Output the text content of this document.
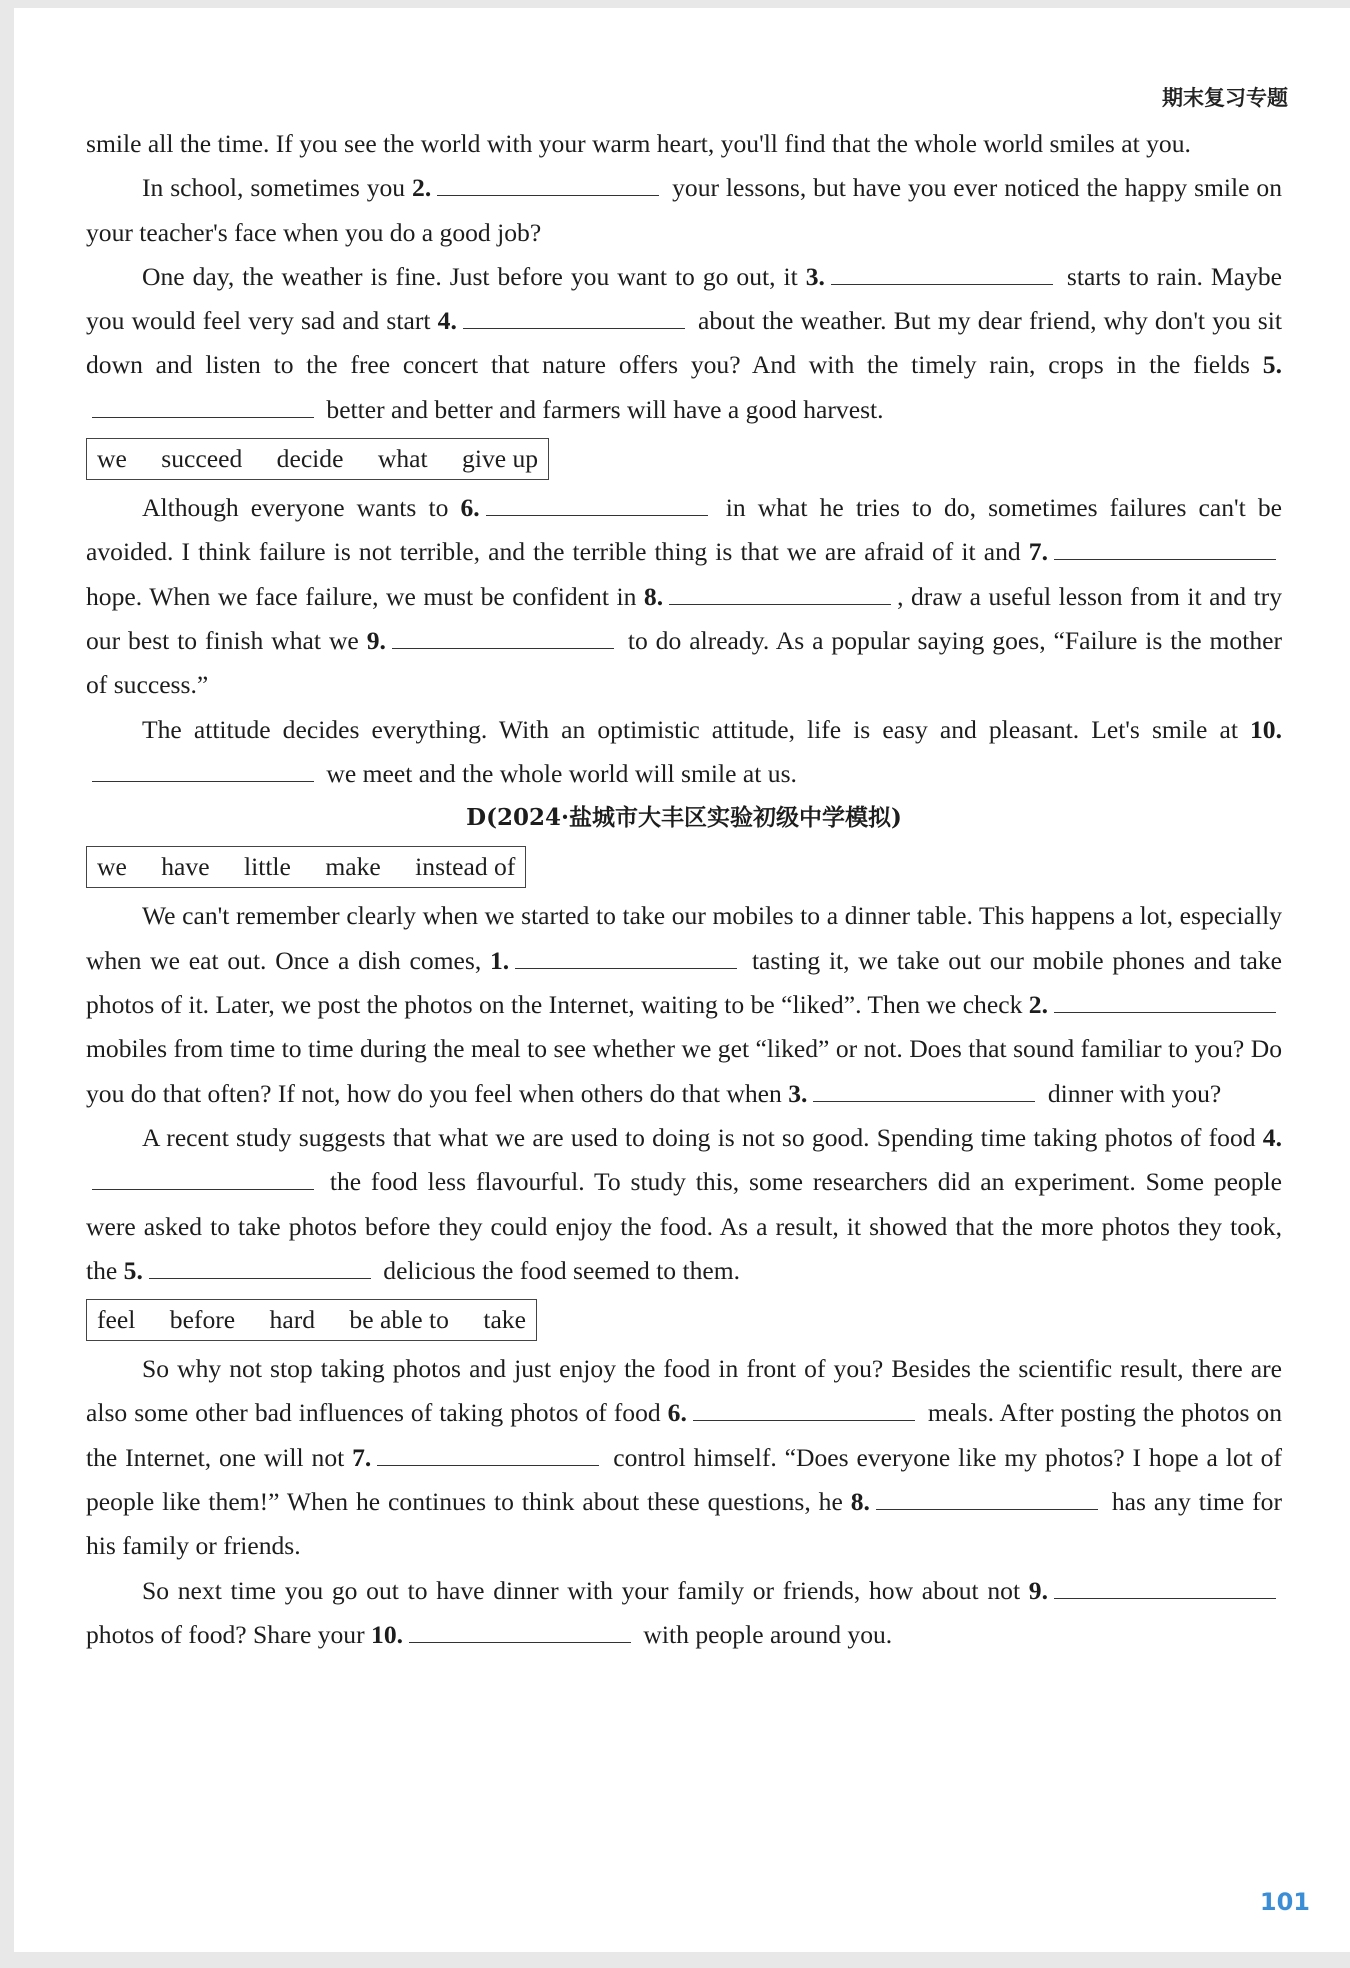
期末复习专题

smile all the time. If you see the world with your warm heart, you'll find that the whole world smiles at you.

In school, sometimes you 2.	your lessons, but have you ever noticed the happy smile on your teacher's face when you do a good job?

One day, the weather is fine. Just before you want to go out, it 3.	starts to rain. Maybe you would feel very sad and start 4.	about the weather. But my dear friend, why don't you sit down and listen to the free concert that nature offers you? And with the timely rain, crops in the fields 5. better and better and farmers will have a good harvest.

we succeed decide what give up

Although everyone wants to 6.	in what he tries to do, sometimes failures can't be avoided. I think failure is not terrible, and the terrible thing is that we are afraid of it and 7. hope. When we face failure, we must be confident in 8.	, draw a useful lesson from it and try our best to finish what we 9.	to do already. As a popular saying goes, “Failure is the mother of success.”

The attitude decides everything. With an optimistic attitude, life is easy and pleasant. Let's smile at 10. we meet and the whole world will smile at us.

D(2024·盐城市大丰区实验初级中学模拟)
we have little make instead of

We can't remember clearly when we started to take our mobiles to a dinner table. This happens a lot, especially when we eat out. Once a dish comes, 1.	tasting it, we take out our mobile phones and take photos of it. Later, we post the photos on the Internet, waiting to be “liked”. Then we check 2. mobiles from time to time during the meal to see whether we get “liked” or not. Does that sound familiar to you? Do you do that often? If not, how do you feel when others do that when 3.	dinner with you?

A recent study suggests that what we are used to doing is not so good. Spending time taking photos of food 4. the food less flavourful. To study this, some researchers did an experiment. Some people were asked to take photos before they could enjoy the food. As a result, it showed that the more photos they took, the 5.	delicious the food seemed to them.

feel before hard be able to take

So why not stop taking photos and just enjoy the food in front of you? Besides the scientific result, there are also some other bad influences of taking photos of food 6.	meals. After posting the photos on the Internet, one will not 7.	control himself. “Does everyone like my photos? I hope a lot of people like them!” When he continues to think about these questions, he 8.	has any time for his family or friends.

So next time you go out to have dinner with your family or friends, how about not 9. photos of food? Share your 10.	with people around you.

101
